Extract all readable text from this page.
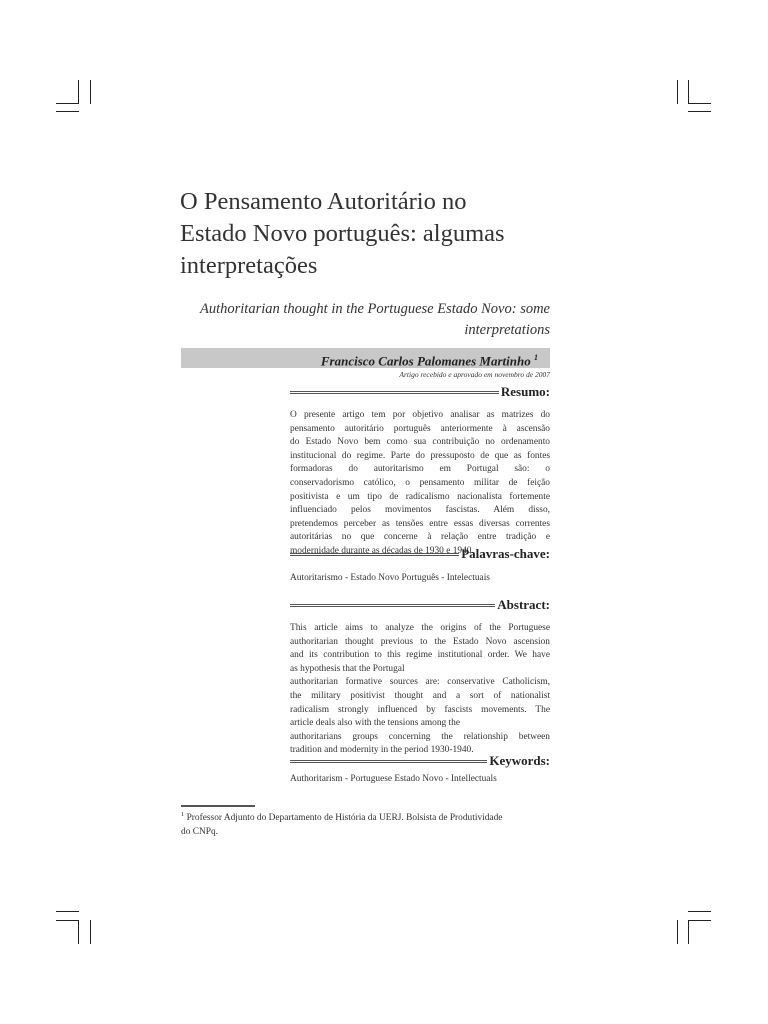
O Pensamento Autoritário no
Estado Novo português: algumas
interpretações
Authoritarian thought in the Portuguese Estado Novo: some
interpretations
Francisco Carlos Palomanes Martinho $^1$
Artigo recebido e aprovado em novembro de 2007
Resumo:
O presente artigo tem por objetivo analisar as matrizes do
pensamento autoritário português anteriormente à ascensão
do Estado Novo bem como sua contribuição no ordenamento
institucional do regime. Parte do pressuposto de que as fontes
formadoras do autoritarismo em Portugal são: o
conservadorismo católico, o pensamento militar de feição
positivista e um tipo de radicalismo nacionalista fortemente
influenciado pelos movimentos fascistas. Além disso,
pretendemos perceber as tensões entre essas diversas correntes
autoritárias no que concerne à relação entre tradição e
modernidade durante as décadas de 1930 e 1940.
Palavras-chave:
Autoritarismo - Estado Novo Português - Intelectuais
Abstract:
This article aims to analyze the origins of the Portuguese
authoritarian thought previous to the Estado Novo ascension
and its contribution to this regime institutional order. We have
as hypothesis that the Portugal
authoritarian formative sources are: conservative Catholicism,
the military positivist thought and a sort of nationalist
radicalism strongly influenced by fascists movements. The
article deals also with the tensions among the
authoritarians groups concerning the relationship between
tradition and modernity in the period 1930-1940.
Keywords:
Authoritarism - Portuguese Estado Novo - Intellectuals
$^1$ Professor Adjunto do Departamento de História da UERJ. Bolsista de Produtividade
do CNPq.
